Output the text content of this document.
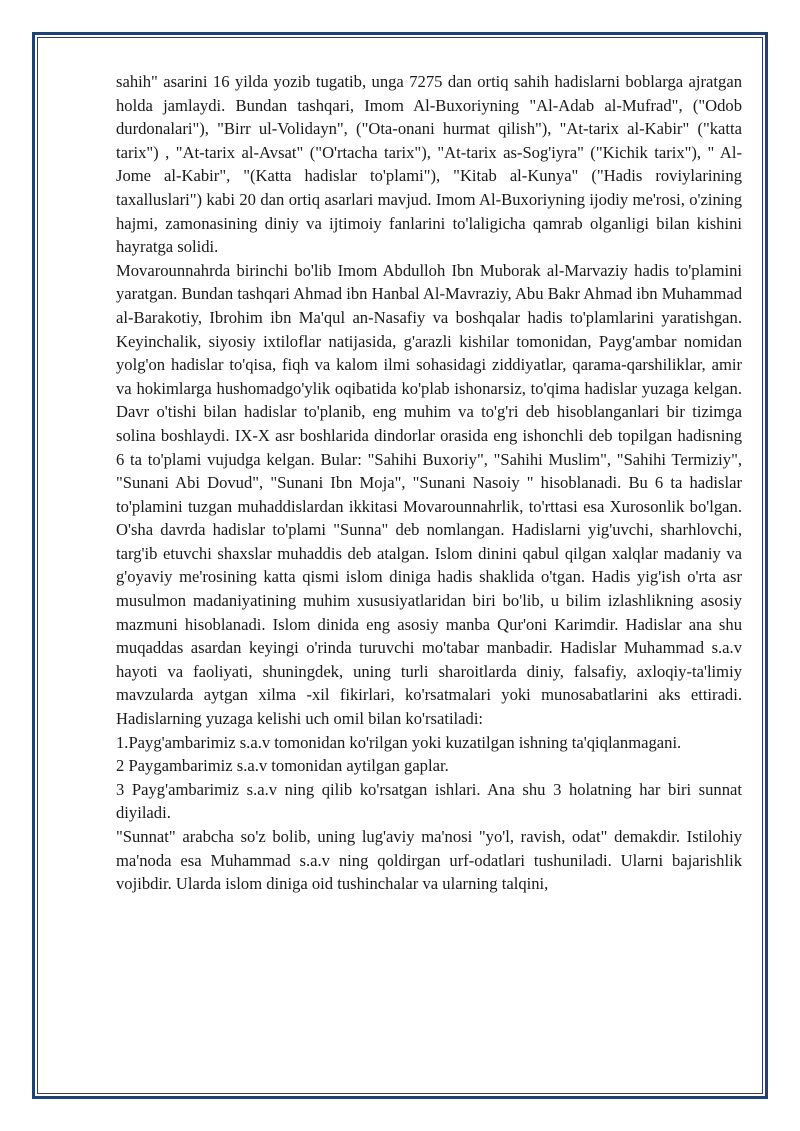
sahih" asarini 16 yilda yozib tugatib, unga 7275 dan ortiq sahih hadislarni boblarga ajratgan holda jamlaydi. Bundan tashqari, Imom Al-Buxoriyning "Al-Adab al-Mufrad", ("Odob durdonalari"), "Birr ul-Volidayn", ("Ota-onani hurmat qilish"), "At-tarix al-Kabir" ("katta tarix") , "At-tarix al-Avsat" ("O'rtacha tarix"), "At-tarix as-Sog'iyra" ("Kichik tarix"), " Al-Jome al-Kabir", "(Katta hadislar to'plami"), "Kitab al-Kunya" ("Hadis roviylarining taxalluslari") kabi 20 dan ortiq asarlari mavjud. Imom Al-Buxoriyning ijodiy me'rosi, o'zining hajmi, zamonasining diniy va ijtimoiy fanlarini to'laligicha qamrab olganligi bilan kishini hayratga solidi.

Movarounnahrda birinchi bo'lib Imom Abdulloh Ibn Muborak al-Marvaziy hadis to'plamini yaratgan. Bundan tashqari Ahmad ibn Hanbal Al-Mavraziy, Abu Bakr Ahmad ibn Muhammad al-Barakotiy, Ibrohim ibn Ma'qul an-Nasafiy va boshqalar hadis to'plamlarini yaratishgan. Keyinchalik, siyosiy ixtiloflar natijasida, g'arazli kishilar tomonidan, Payg'ambar nomidan yolg'on hadislar to'qisa, fiqh va kalom ilmi sohasidagi ziddiyatlar, qarama-qarshiliklar, amir va hokimlarga hushomadgo'ylik oqibatida ko'plab ishonarsiz, to'qima hadislar yuzaga kelgan. Davr o'tishi bilan hadislar to'planib, eng muhim va to'g'ri deb hisoblanganlari bir tizimga solina boshlaydi. IX-X asr boshlarida dindorlar orasida eng ishonchli deb topilgan hadisning 6 ta to'plami vujudga kelgan. Bular: "Sahihi Buxoriy", "Sahihi Muslim", "Sahihi Termiziy", "Sunani Abi Dovud", "Sunani Ibn Moja", "Sunani Nasoiy " hisoblanadi. Bu 6 ta hadislar to'plamini tuzgan muhaddislardan ikkitasi Movarounnahrlik, to'rttasi esa Xurosonlik bo'lgan. O'sha davrda hadislar to'plami "Sunna" deb nomlangan. Hadislarni yig'uvchi, sharhlovchi, targ'ib etuvchi shaxslar muhaddis deb atalgan. Islom dinini qabul qilgan xalqlar madaniy va g'oyaviy me'rosining katta qismi islom diniga hadis shaklida o'tgan. Hadis yig'ish o'rta asr musulmon madaniyatining muhim xususiyatlaridan biri bo'lib, u bilim izlashlikning asosiy mazmuni hisoblanadi. Islom dinida eng asosiy manba Qur'oni Karimdir. Hadislar ana shu muqaddas asardan keyingi o'rinda turuvchi mo'tabar manbadir. Hadislar Muhammad s.a.v hayoti va faoliyati, shuningdek, uning turli sharoitlarda diniy, falsafiy, axloqiy-ta'limiy mavzularda aytgan xilma -xil fikirlari, ko'rsatmalari yoki munosabatlarini aks ettiradi. Hadislarning yuzaga kelishi uch omil bilan ko'rsatiladi:

1.Payg'ambarimiz s.a.v tomonidan ko'rilgan yoki kuzatilgan ishning ta'qiqlanmagani.

2 Paygambarimiz s.a.v tomonidan aytilgan gaplar.

3 Payg'ambarimiz s.a.v ning qilib ko'rsatgan ishlari. Ana shu 3 holatning har biri sunnat diyiladi.

"Sunnat" arabcha so'z bolib, uning lug'aviy ma'nosi "yo'l, ravish, odat" demakdir. Istilohiy ma'noda esa Muhammad s.a.v ning qoldirgan urf-odatlari tushuniladi. Ularni bajarishlik vojibdir. Ularda islom diniga oid tushinchalar va ularning talqini,
